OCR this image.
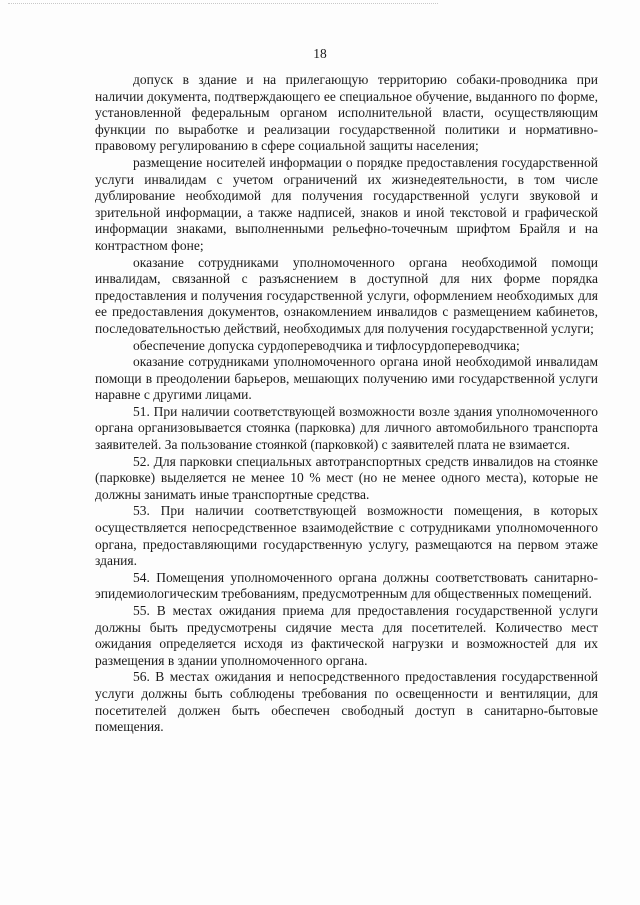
18

допуск в здание и на прилегающую территорию собаки-проводника при наличии документа, подтверждающего ее специальное обучение, выданного по форме, установленной федеральным органом исполнительной власти, осуществляющим функции по выработке и реализации государственной политики и нормативно-правовому регулированию в сфере социальной защиты населения;

размещение носителей информации о порядке предоставления государственной услуги инвалидам с учетом ограничений их жизнедеятельности, в том числе дублирование необходимой для получения государственной услуги звуковой и зрительной информации, а также надписей, знаков и иной текстовой и графической информации знаками, выполненными рельефно-точечным шрифтом Брайля и на контрастном фоне;

оказание сотрудниками уполномоченного органа необходимой помощи инвалидам, связанной с разъяснением в доступной для них форме порядка предоставления и получения государственной услуги, оформлением необходимых для ее предоставления документов, ознакомлением инвалидов с размещением кабинетов, последовательностью действий, необходимых для получения государственной услуги;

обеспечение допуска сурдопереводчика и тифлосурдопереводчика;

оказание сотрудниками уполномоченного органа иной необходимой инвалидам помощи в преодолении барьеров, мешающих получению ими государственной услуги наравне с другими лицами.

51. При наличии соответствующей возможности возле здания уполномоченного органа организовывается стоянка (парковка) для личного автомобильного транспорта заявителей. За пользование стоянкой (парковкой) с заявителей плата не взимается.

52. Для парковки специальных автотранспортных средств инвалидов на стоянке (парковке) выделяется не менее 10 % мест (но не менее одного места), которые не должны занимать иные транспортные средства.

53. При наличии соответствующей возможности помещения, в которых осуществляется непосредственное взаимодействие с сотрудниками уполномоченного органа, предоставляющими государственную услугу, размещаются на первом этаже здания.

54. Помещения уполномоченного органа должны соответствовать санитарно-эпидемиологическим требованиям, предусмотренным для общественных помещений.

55. В местах ожидания приема для предоставления государственной услуги должны быть предусмотрены сидячие места для посетителей. Количество мест ожидания определяется исходя из фактической нагрузки и возможностей для их размещения в здании уполномоченного органа.

56. В местах ожидания и непосредственного предоставления государственной услуги должны быть соблюдены требования по освещенности и вентиляции, для посетителей должен быть обеспечен свободный доступ в санитарно-бытовые помещения.
